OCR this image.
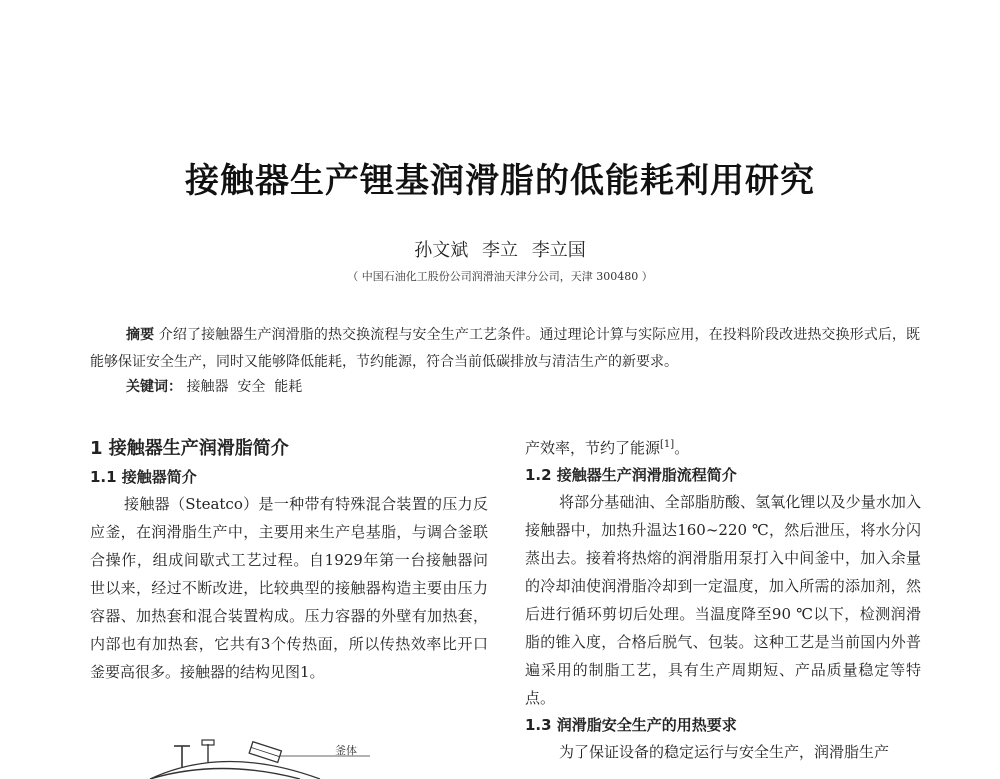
接触器生产锂基润滑脂的低能耗利用研究
孙文斌 李立 李立国
（ 中国石油化工股份公司润滑油天津分公司，天津 300480 ）

摘要 介绍了接触器生产润滑脂的热交换流程与安全生产工艺条件。通过理论计算与实际应用，在投料阶段改进热交换形式后，既能够保证安全生产，同时又能够降低能耗，节约能源，符合当前低碳排放与清洁生产的新要求。

关键词： 接触器  安全  能耗
1 接触器生产润滑脂简介
1.1 接触器简介

接触器（Steatco）是一种带有特殊混合装置的压力反应釜，在润滑脂生产中，主要用来生产皂基脂，与调合釜联合操作，组成间歇式工艺过程。自1929年第一台接触器问世以来，经过不断改进，比较典型的接触器构造主要由压力容器、加热套和混合装置构成。压力容器的外壁有加热套，内部也有加热套，它共有3个传热面，所以传热效率比开口釜要高很多。接触器的结构见图1。

釜体

产效率，节约了能源[1]。

1.2 接触器生产润滑脂流程简介

将部分基础油、全部脂肪酸、氢氧化锂以及少量水加入接触器中，加热升温达160~220 ℃，然后泄压，将水分闪蒸出去。接着将热熔的润滑脂用泵打入中间釜中，加入余量的冷却油使润滑脂冷却到一定温度，加入所需的添加剂，然后进行循环剪切后处理。当温度降至90 ℃以下，检测润滑脂的锥入度，合格后脱气、包装。这种工艺是当前国内外普遍采用的制脂工艺，具有生产周期短、产品质量稳定等特点。

1.3 润滑脂安全生产的用热要求

为了保证设备的稳定运行与安全生产，润滑脂生产
